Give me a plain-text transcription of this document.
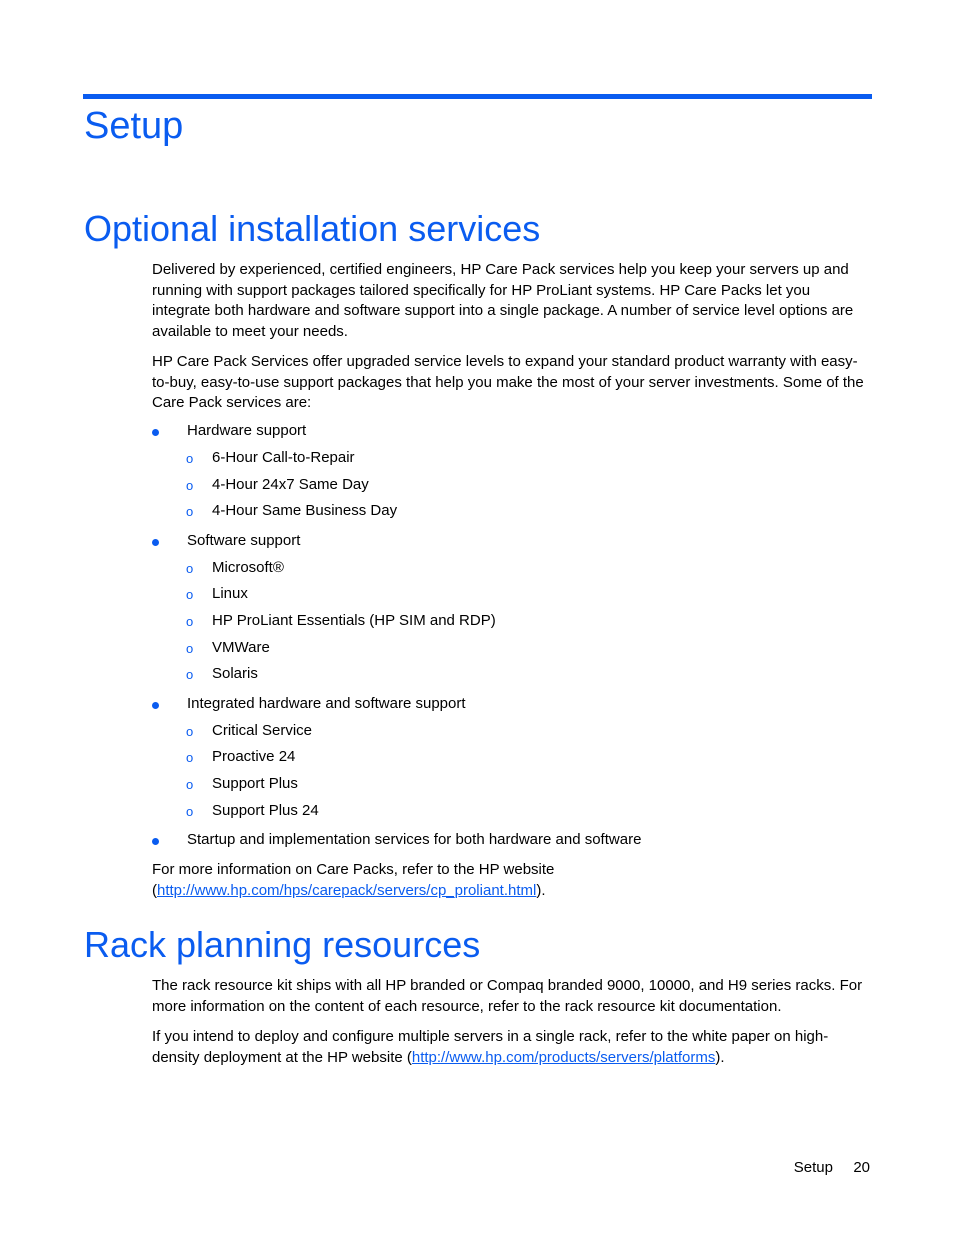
Setup
Optional installation services

Delivered by experienced, certified engineers, HP Care Pack services help you keep your servers up and running with support packages tailored specifically for HP ProLiant systems. HP Care Packs let you integrate both hardware and software support into a single package. A number of service level options are available to meet your needs.

HP Care Pack Services offer upgraded service levels to expand your standard product warranty with easy-to-buy, easy-to-use support packages that help you make the most of your server investments. Some of the Care Pack services are:

Hardware support
o 6-Hour Call-to-Repair
o 4-Hour 24x7 Same Day
o 4-Hour Same Business Day
Software support
o Microsoft®
o Linux
o HP ProLiant Essentials (HP SIM and RDP)
o VMWare
o Solaris
Integrated hardware and software support
o Critical Service
o Proactive 24
o Support Plus
o Support Plus 24
Startup and implementation services for both hardware and software

For more information on Care Packs, refer to the HP website
(http://www.hp.com/hps/carepack/servers/cp_proliant.html).

Rack planning resources

The rack resource kit ships with all HP branded or Compaq branded 9000, 10000, and H9 series racks. For more information on the content of each resource, refer to the rack resource kit documentation.

If you intend to deploy and configure multiple servers in a single rack, refer to the white paper on high-density deployment at the HP website (http://www.hp.com/products/servers/platforms).

Setup 20
